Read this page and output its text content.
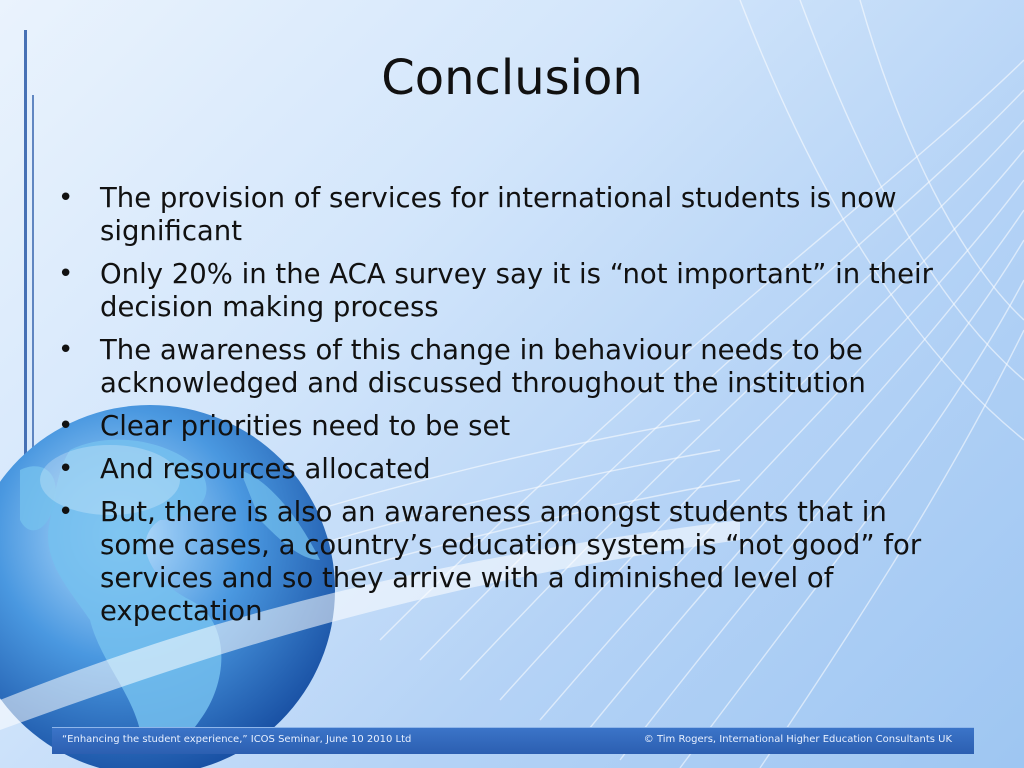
Conclusion
• The provision of services for international students is now significant
• Only 20% in the ACA survey say it is “not important” in their decision making process
• The awareness of this change in behaviour needs to be acknowledged and discussed throughout the institution
• Clear priorities need to be set
• And resources allocated
• But, there is also an awareness amongst students that in some cases, a country’s education system is “not good” for services and so they arrive with a diminished level of expectation
“Enhancing the student experience,” ICOS Seminar, June 10 2010 Ltd	© Tim Rogers, International Higher Education Consultants UK
